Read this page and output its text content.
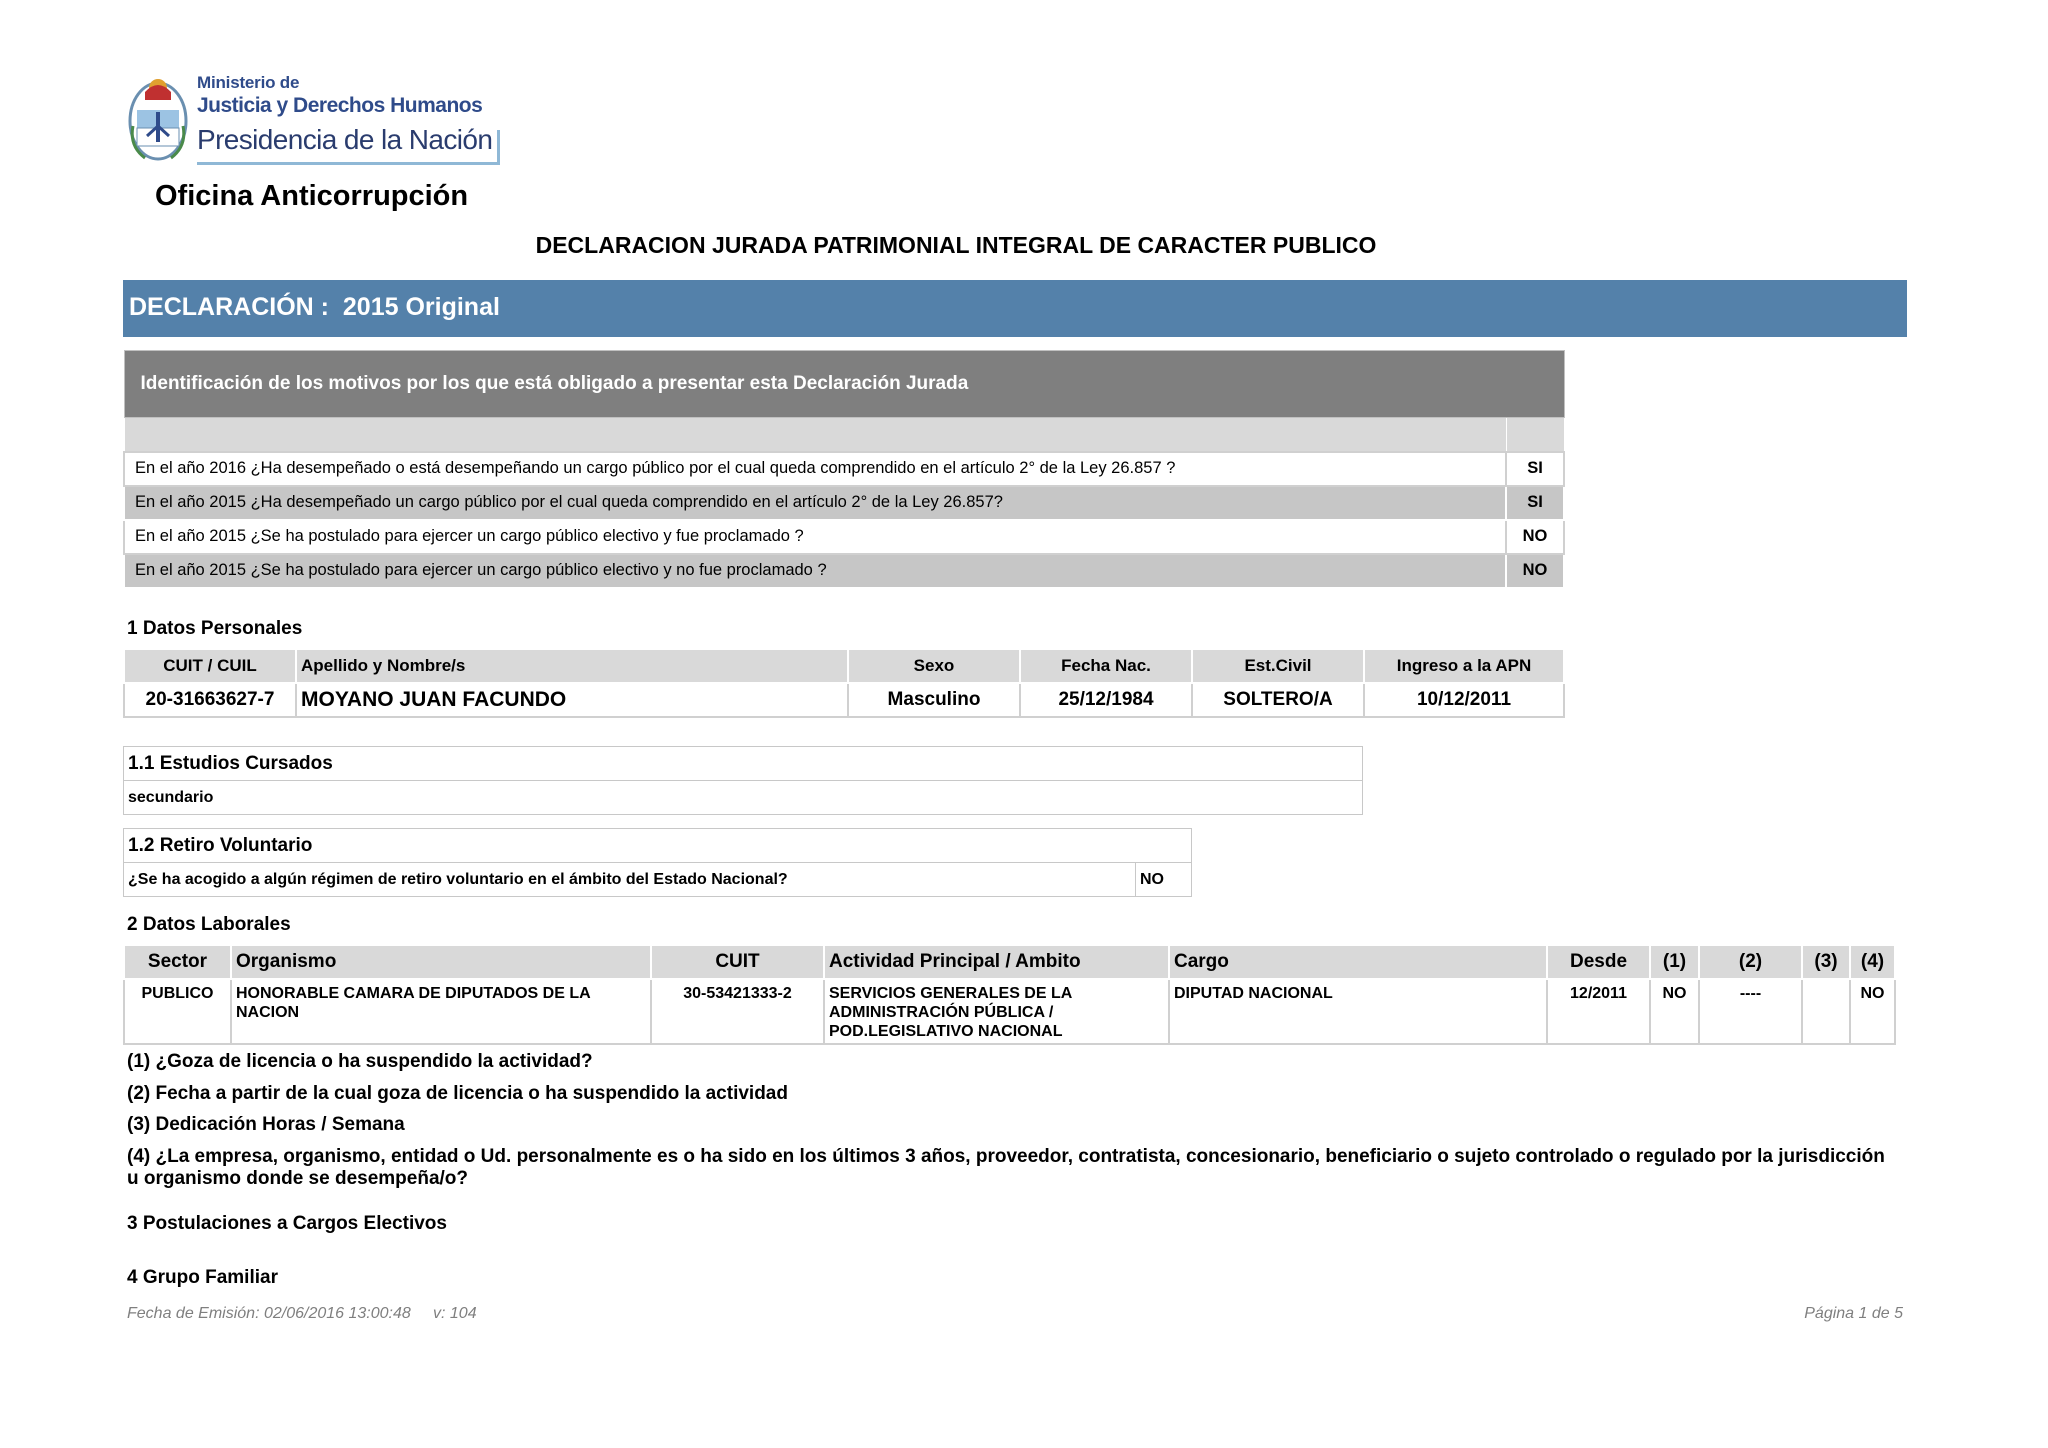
Ministerio de
Justicia y Derechos Humanos
Presidencia de la Nación
Oficina Anticorrupción
DECLARACION JURADA PATRIMONIAL INTEGRAL DE CARACTER PUBLICO
DECLARACIÓN : 2015 Original
Identificación de los motivos por los que está obligado a presentar esta Declaración Jurada	

En el año 2016 ¿Ha desempeñado o está desempeñando un cargo público por el cual queda comprendido en el artículo 2° de la Ley 26.857 ?	SI
En el año 2015 ¿Ha desempeñado un cargo público por el cual queda comprendido en el artículo 2° de la Ley 26.857?	SI
En el año 2015 ¿Se ha postulado para ejercer un cargo público electivo y fue proclamado ?	NO
En el año 2015 ¿Se ha postulado para ejercer un cargo público electivo y no fue proclamado ?	NO
1 Datos Personales
CUIT / CUIL	Apellido y Nombre/s	Sexo	Fecha Nac.	Est.Civil	Ingreso a la APN
20-31663627-7	MOYANO JUAN FACUNDO	Masculino	25/12/1984	SOLTERO/A	10/12/2011
1.1 Estudios Cursados
secundario
1.2 Retiro Voluntario
¿Se ha acogido a algún régimen de retiro voluntario en el ámbito del Estado Nacional?	NO
2 Datos Laborales
Sector	Organismo	CUIT	Actividad Principal / Ambito	Cargo	Desde	(1)	(2)	(3)	(4)
PUBLICO	HONORABLE CAMARA DE DIPUTADOS DE LA NACION	30-53421333-2	SERVICIOS GENERALES DE LA ADMINISTRACIÓN PÚBLICA / POD.LEGISLATIVO NACIONAL	DIPUTAD NACIONAL	12/2011	NO	----		NO
(1) ¿Goza de licencia o ha suspendido la actividad?
(2) Fecha a partir de la cual goza de licencia o ha suspendido la actividad
(3) Dedicación Horas / Semana
(4) ¿La empresa, organismo, entidad o Ud. personalmente es o ha sido en los últimos 3 años, proveedor, contratista, concesionario, beneficiario o sujeto controlado o regulado por la jurisdicción u organismo donde se desempeña/o?
3 Postulaciones a Cargos Electivos
4 Grupo Familiar
Fecha de Emisión: 02/06/2016 13:00:48 v: 104	Página 1 de 5
